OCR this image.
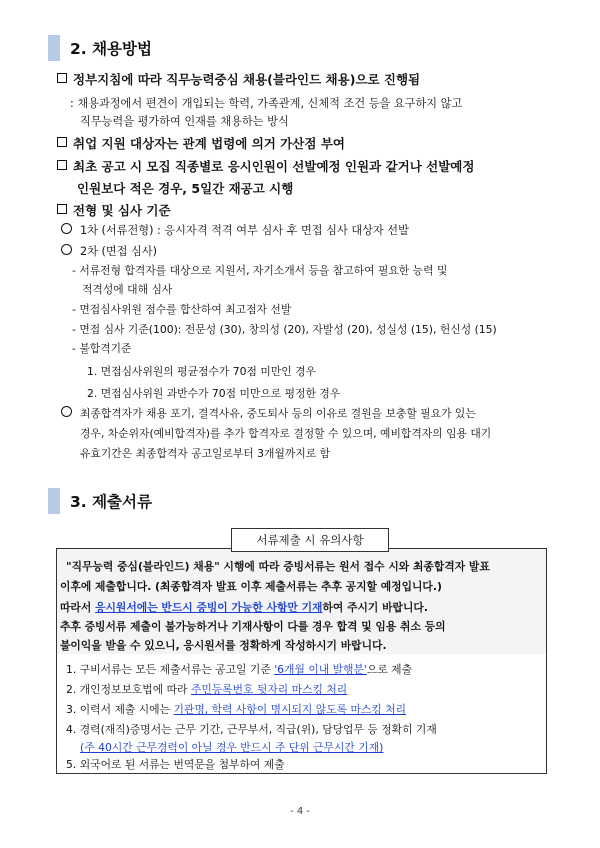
2. 채용방법
정부지침에 따라 직무능력중심 채용(블라인드 채용)으로 진행됨
: 채용과정에서 편견이 개입되는 학력, 가족관계, 신체적 조건 등을 요구하지 않고
직무능력을 평가하여 인재를 채용하는 방식
취업 지원 대상자는 관계 법령에 의거 가산점 부여
최초 공고 시 모집 직종별로 응시인원이 선발예정 인원과 같거나 선발예정
인원보다 적은 경우, 5일간 재공고 시행
전형 및 심사 기준
1차 (서류전형) : 응시자격 적격 여부 심사 후 면접 심사 대상자 선발
2차 (면접 심사)
- 서류전형 합격자를 대상으로 지원서, 자기소개서 등을 참고하여 필요한 능력 및
적격성에 대해 심사
- 면접심사위원 점수를 합산하여 최고점자 선발
- 면접 심사 기준(100): 전문성 (30), 창의성 (20), 자발성 (20), 성실성 (15), 헌신성 (15)
- 불합격기준
1. 면접심사위원의 평균점수가 70점 미만인 경우
2. 면접심사위원 과반수가 70점 미만으로 평정한 경우
최종합격자가 채용 포기, 결격사유, 중도퇴사 등의 이유로 결원을 보충할 필요가 있는
경우, 차순위자(예비합격자)를 추가 합격자로 결정할 수 있으며, 예비합격자의 임용 대기
유효기간은 최종합격자 공고일로부터 3개월까지로 함
3. 제출서류
서류제출 시 유의사항
"직무능력 중심(블라인드) 채용" 시행에 따라 증빙서류는 원서 접수 시와 최종합격자 발표
이후에 제출합니다. (최종합격자 발표 이후 제출서류는 추후 공지할 예정입니다.)
따라서 응시원서에는 반드시 증빙이 가능한 사항만 기재하여 주시기 바랍니다.
추후 증빙서류 제출이 불가능하거나 기재사항이 다를 경우 합격 및 임용 취소 등의
불이익을 받을 수 있으니, 응시원서를 정확하게 작성하시기 바랍니다.
1. 구비서류는 모든 제출서류는 공고일 기준 '6개월 이내 발행분'으로 제출
2. 개인정보보호법에 따라 주민등록번호 뒷자리 마스킹 처리
3. 이력서 제출 시에는 기관명, 학력 사항이 명시되지 않도록 마스킹 처리
4. 경력(재직)증명서는 근무 기간, 근무부서, 직급(위), 담당업무 등 정확히 기재
(주 40시간 근무경력이 아닐 경우 반드시 주 단위 근무시간 기재)
5. 외국어로 된 서류는 번역문을 첨부하여 제출
- 4 -
